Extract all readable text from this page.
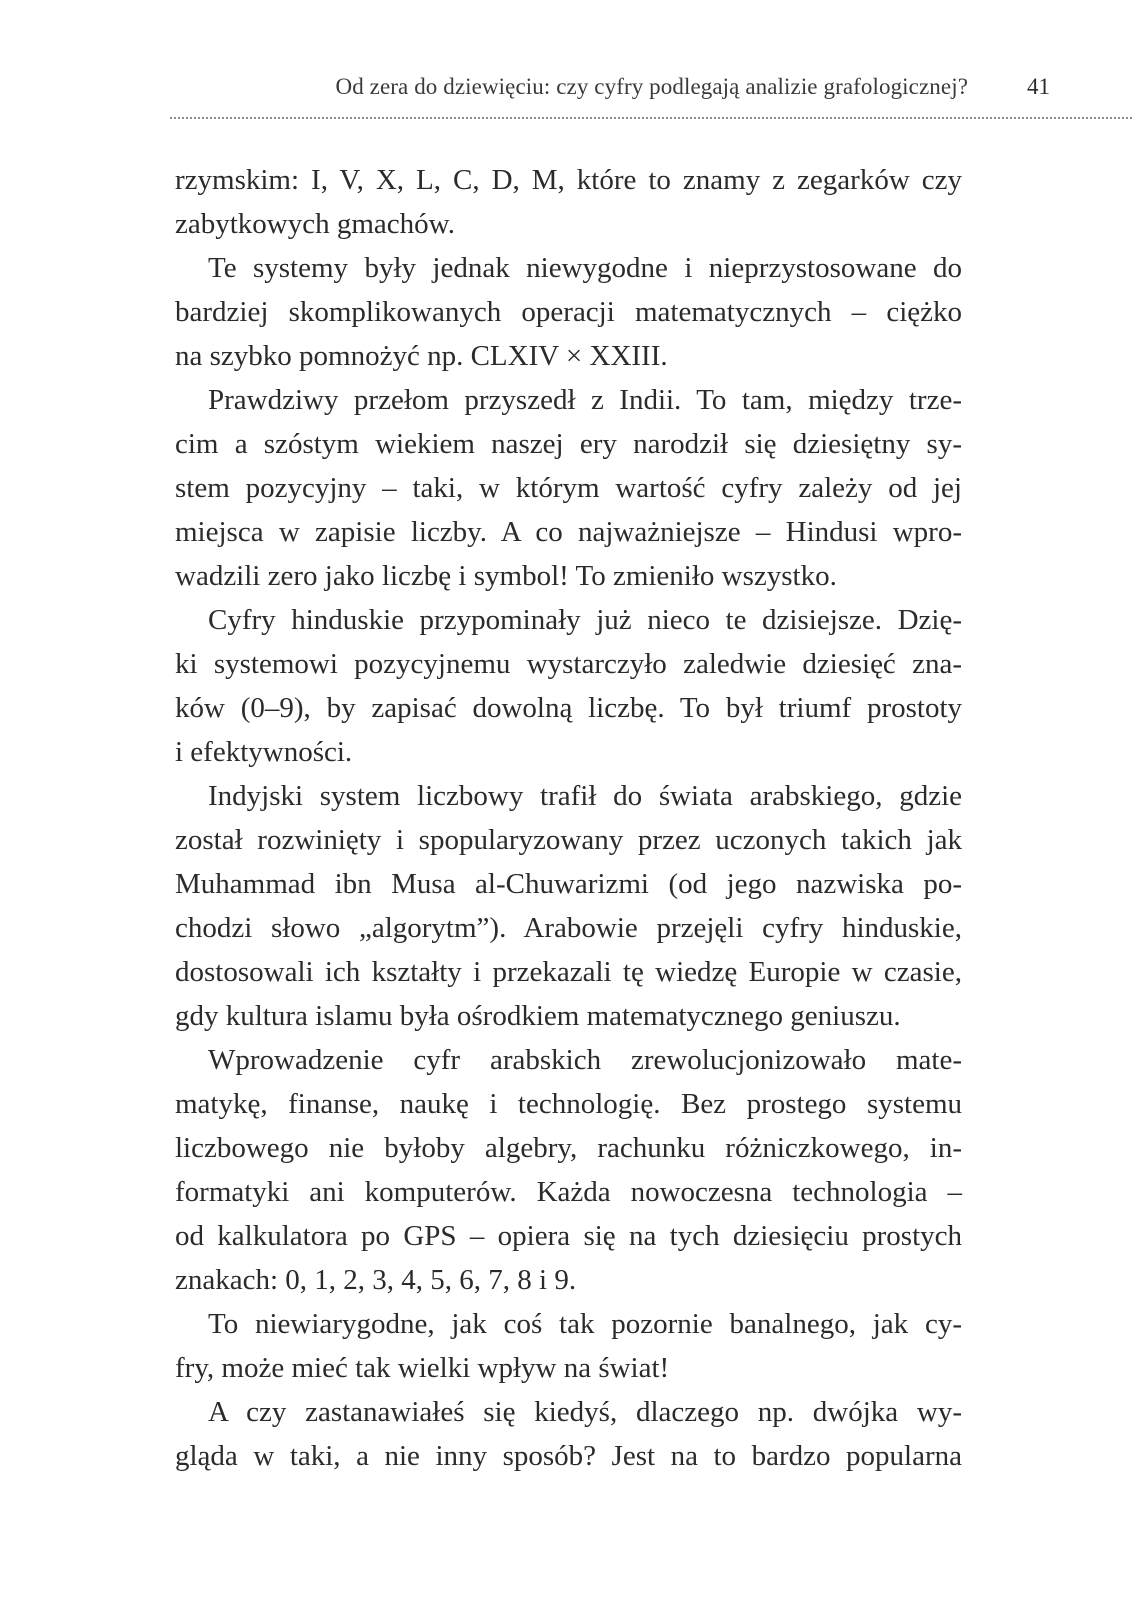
Od zera do dziewięciu: czy cyfry podlegają analizie grafologicznej?	41
rzymskim: I, V, X, L, C, D, M, które to znamy z zegarków czy
zabytkowych gmachów.
Te systemy były jednak niewygodne i nieprzystosowane do
bardziej skomplikowanych operacji matematycznych – ciężko
na szybko pomnożyć np. CLXIV × XXIII.
Prawdziwy przełom przyszedł z Indii. To tam, między trze-
cim a szóstym wiekiem naszej ery narodził się dziesiętny sy-
stem pozycyjny – taki, w którym wartość cyfry zależy od jej
miejsca w zapisie liczby. A co najważniejsze – Hindusi wpro-
wadzili zero jako liczbę i symbol! To zmieniło wszystko.
Cyfry hinduskie przypominały już nieco te dzisiejsze. Dzię-
ki systemowi pozycyjnemu wystarczyło zaledwie dziesięć zna-
ków (0–9), by zapisać dowolną liczbę. To był triumf prostoty
i efektywności.
Indyjski system liczbowy trafił do świata arabskiego, gdzie
został rozwinięty i spopularyzowany przez uczonych takich jak
Muhammad ibn Musa al-Chuwarizmi (od jego nazwiska po-
chodzi słowo „algorytm”). Arabowie przejęli cyfry hinduskie,
dostosowali ich kształty i przekazali tę wiedzę Europie w czasie,
gdy kultura islamu była ośrodkiem matematycznego geniuszu.
Wprowadzenie cyfr arabskich zrewolucjonizowało mate-
matykę, finanse, naukę i technologię. Bez prostego systemu
liczbowego nie byłoby algebry, rachunku różniczkowego, in-
formatyki ani komputerów. Każda nowoczesna technologia –
od kalkulatora po GPS – opiera się na tych dziesięciu prostych
znakach: 0, 1, 2, 3, 4, 5, 6, 7, 8 i 9.
To niewiarygodne, jak coś tak pozornie banalnego, jak cy-
fry, może mieć tak wielki wpływ na świat!
A czy zastanawiałeś się kiedyś, dlaczego np. dwójka wy-
gląda w taki, a nie inny sposób? Jest na to bardzo popularna
